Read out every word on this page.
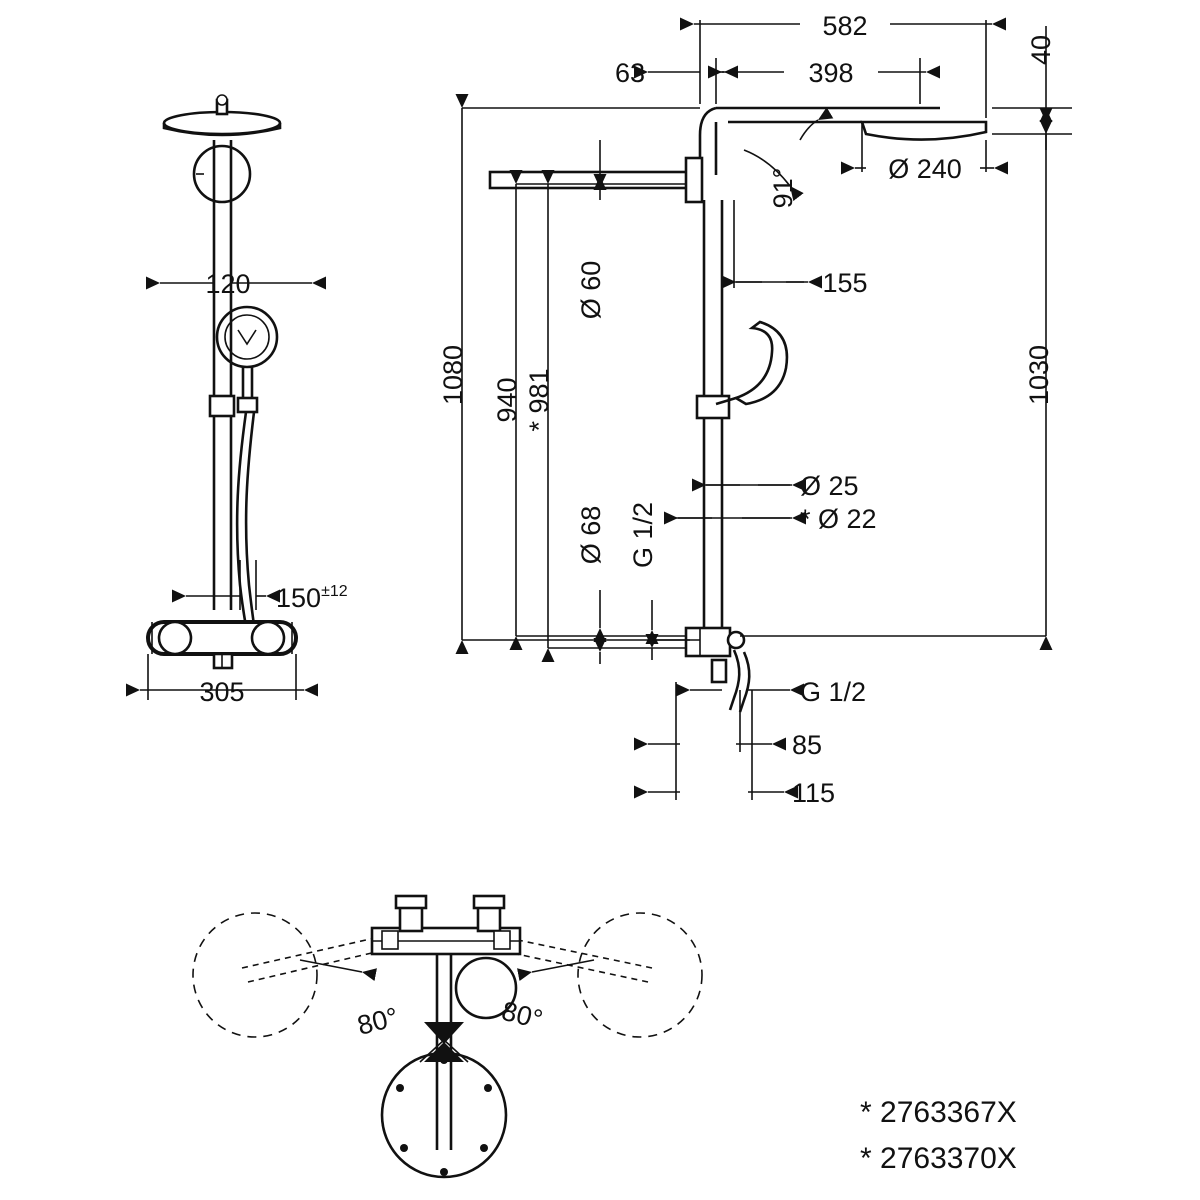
120
$150^{\pm 12}$
305
582
63	398
40
Ø 240
91°
Ø 60	155
1080 940 * 981	1030
Ø 25
* Ø 22
Ø 68 G 1/2
G 1/2
85
115
80°	80°
* 2763367X
* 2763370X
